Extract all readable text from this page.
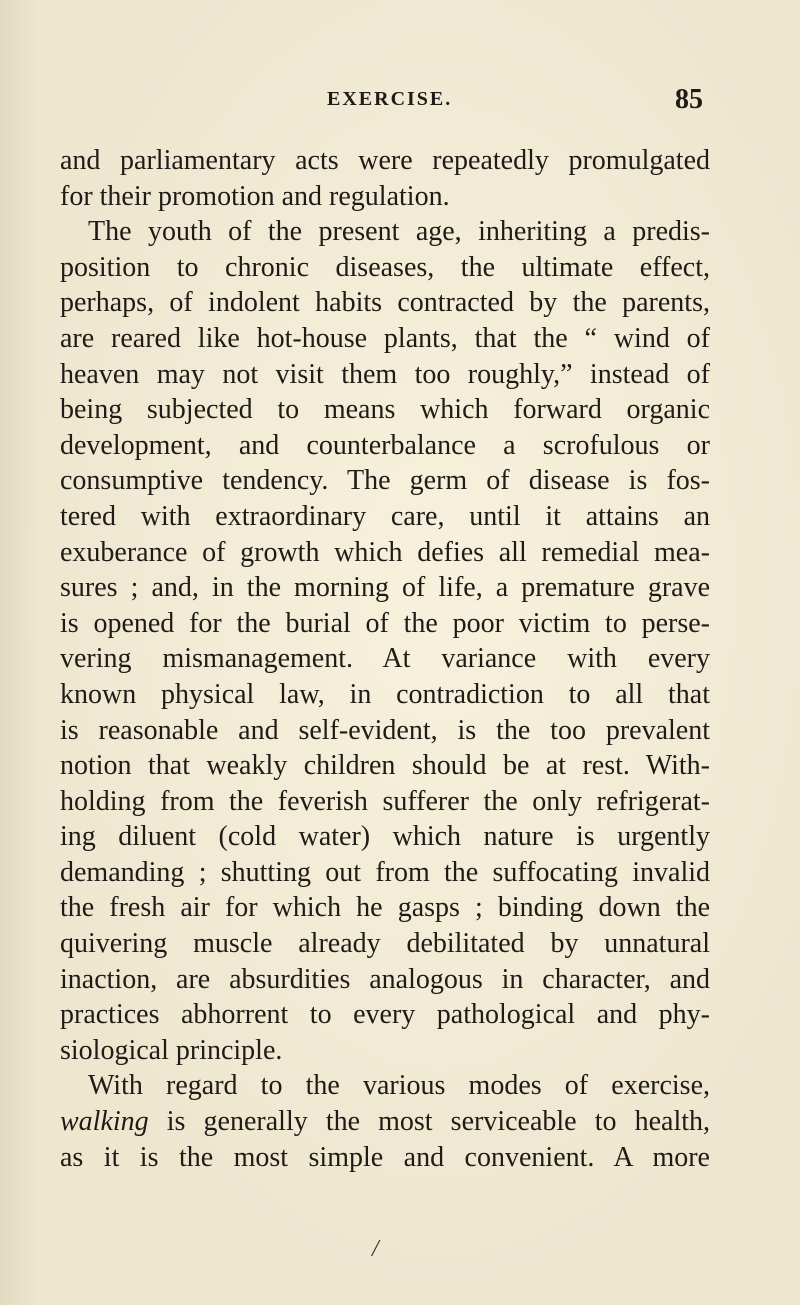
EXERCISE.	85
and parliamentary acts were repeatedly promulgated
for their promotion and regulation.
The youth of the present age, inheriting a predis-
position to chronic diseases, the ultimate effect,
perhaps, of indolent habits contracted by the parents,
are reared like hot-house plants, that the “ wind of
heaven may not visit them too roughly,” instead of
being subjected to means which forward organic
development, and counterbalance a scrofulous or
consumptive tendency. The germ of disease is fos-
tered with extraordinary care, until it attains an
exuberance of growth which defies all remedial mea-
sures ; and, in the morning of life, a premature grave
is opened for the burial of the poor victim to perse-
vering mismanagement. At variance with every
known physical law, in contradiction to all that
is reasonable and self-evident, is the too prevalent
notion that weakly children should be at rest. With-
holding from the feverish sufferer the only refrigerat-
ing diluent (cold water) which nature is urgently
demanding ; shutting out from the suffocating invalid
the fresh air for which he gasps ; binding down the
quivering muscle already debilitated by unnatural
inaction, are absurdities analogous in character, and
practices abhorrent to every pathological and phy-
siological principle.
With regard to the various modes of exercise,
walking is generally the most serviceable to health,
as it is the most simple and convenient. A more
/
